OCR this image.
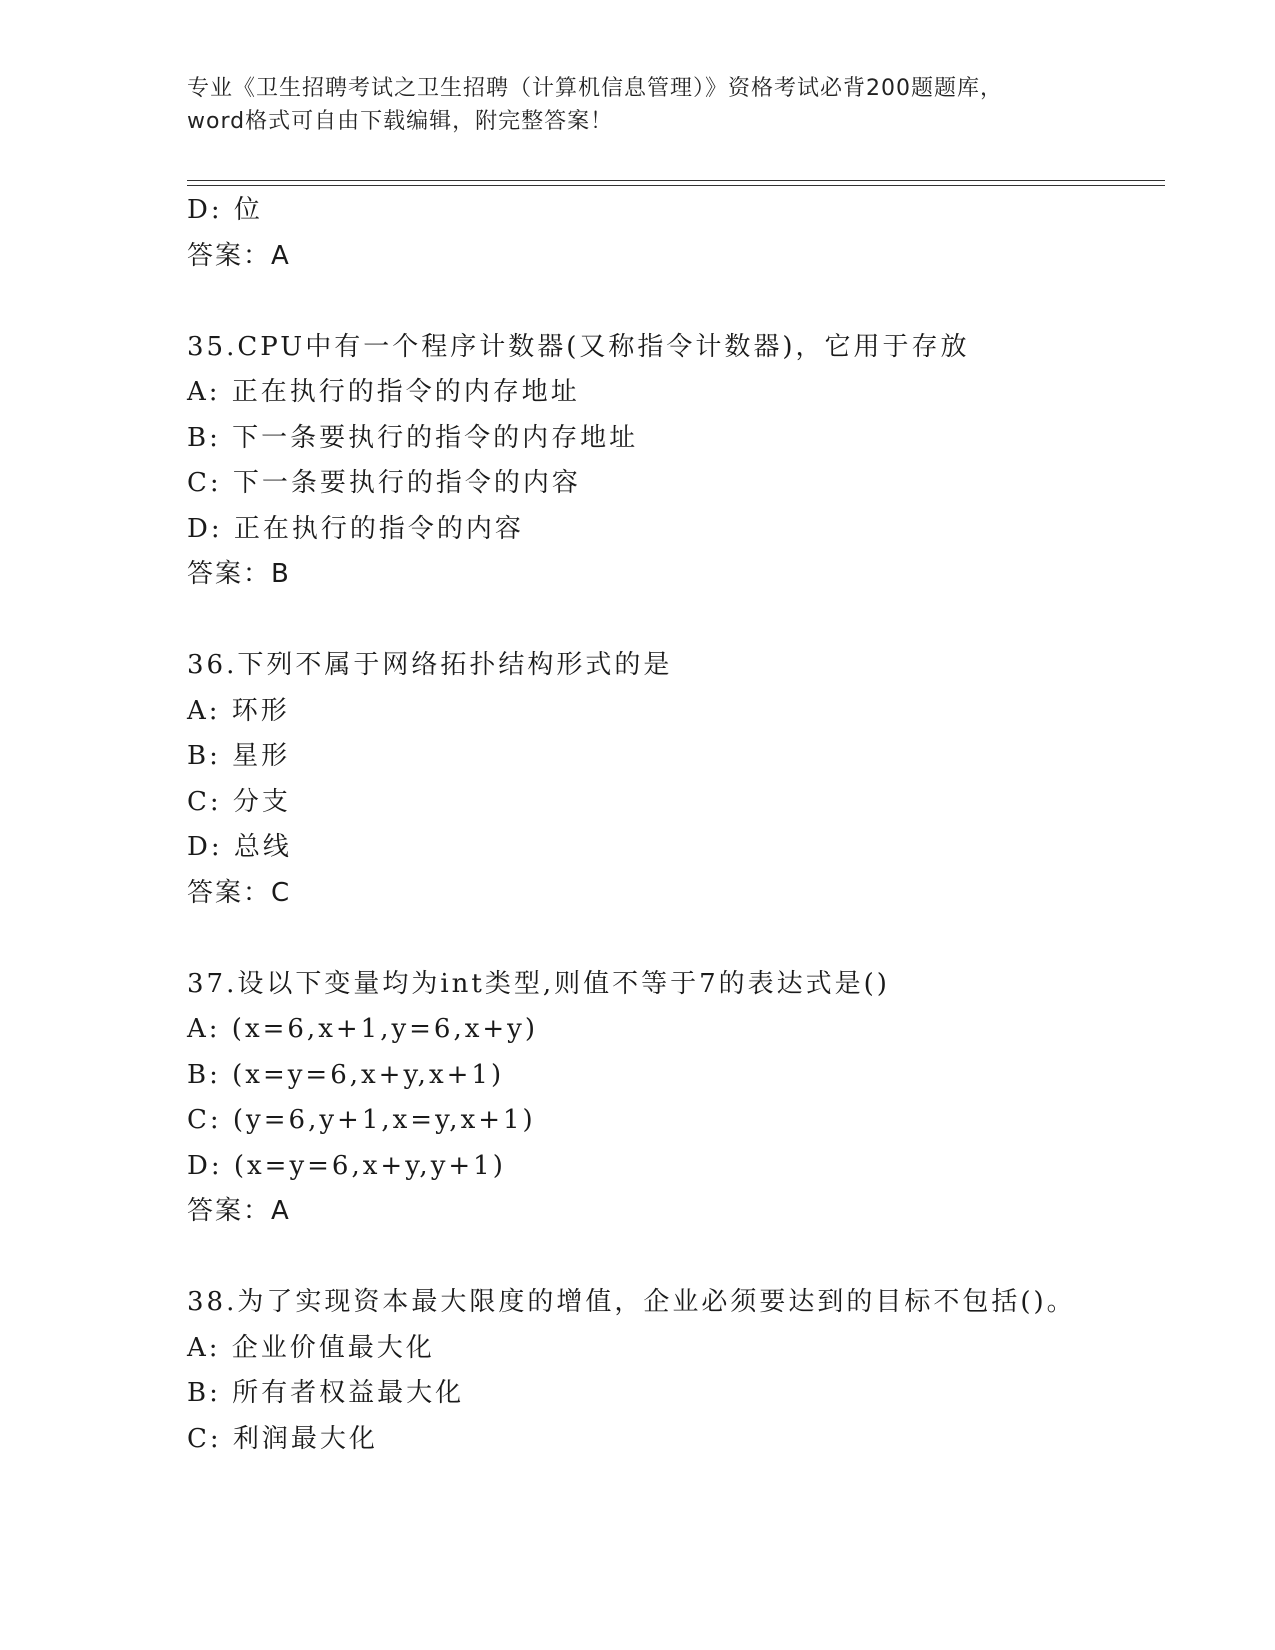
专业《卫生招聘考试之卫生招聘（计算机信息管理）》资格考试必背200题题库，
word格式可自由下载编辑，附完整答案！
D: 位
答案：A
35.CPU中有一个程序计数器(又称指令计数器)，它用于存放
A: 正在执行的指令的内存地址
B: 下一条要执行的指令的内存地址
C: 下一条要执行的指令的内容
D: 正在执行的指令的内容
答案：B
36.下列不属于网络拓扑结构形式的是
A: 环形
B: 星形
C: 分支
D: 总线
答案：C
37.设以下变量均为int类型,则值不等于7的表达式是()
A: (x=6,x+1,y=6,x+y)
B: (x=y=6,x+y,x+1)
C: (y=6,y+1,x=y,x+1)
D: (x=y=6,x+y,y+1)
答案：A
38.为了实现资本最大限度的增值，企业必须要达到的目标不包括()。
A: 企业价值最大化
B: 所有者权益最大化
C: 利润最大化
